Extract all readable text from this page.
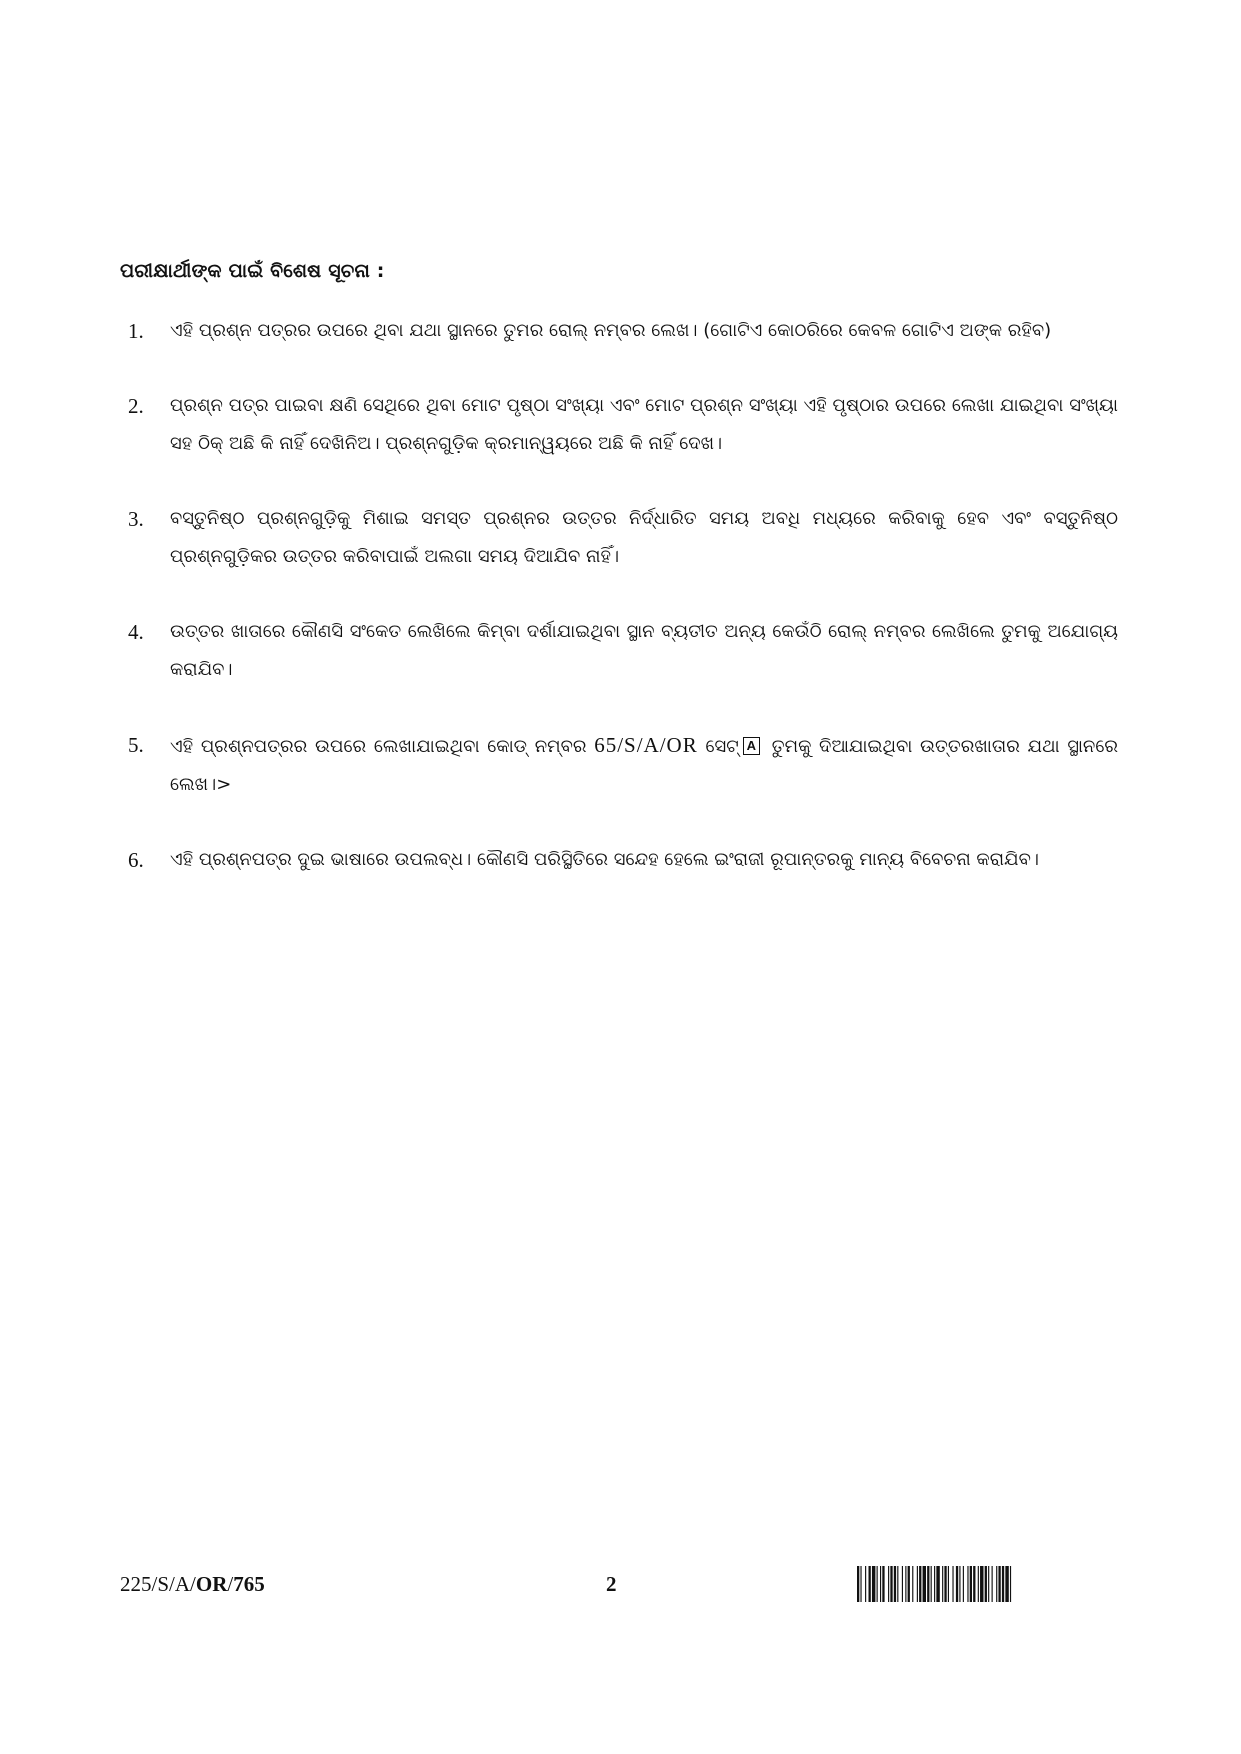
ପରୀକ୍ଷାର୍ଥୀଙ୍କ ପାଇଁ ବିଶେଷ ସୂଚନା :
1.	ଏହି ପ୍ରଶ୍ନ ପତ୍ରର ଉପରେ ଥିବା ଯଥା ସ୍ଥାନରେ ତୁମର ରୋଲ୍ ନମ୍ବର ଲେଖ। (ଗୋଟିଏ କୋଠରିରେ କେବଳ ଗୋଟିଏ ଅଙ୍କ ରହିବ)
2.	ପ୍ରଶ୍ନ ପତ୍ର ପାଇବା କ୍ଷଣି ସେଥିରେ ଥିବା ମୋଟ ପୃଷ୍ଠା ସଂଖ୍ୟା ଏବଂ ମୋଟ ପ୍ରଶ୍ନ ସଂଖ୍ୟା ଏହି ପୃଷ୍ଠାର ଉପରେ ଲେଖା ଯାଇଥିବା ସଂଖ୍ୟା ସହ ଠିକ୍ ଅଛି କି ନାହିଁ ଦେଖିନିଅ। ପ୍ରଶ୍ନଗୁଡ଼ିକ କ୍ରମାନ୍ୱୟରେ ଅଛି କି ନାହିଁ ଦେଖ।
3.	ବସ୍ତୁନିଷ୍ଠ ପ୍ରଶ୍ନଗୁଡ଼ିକୁ ମିଶାଇ ସମସ୍ତ ପ୍ରଶ୍ନର ଉତ୍ତର ନିର୍ଦ୍ଧାରିତ ସମୟ ଅବଧି ମଧ୍ୟରେ କରିବାକୁ ହେବ ଏବଂ ବସ୍ତୁନିଷ୍ଠ ପ୍ରଶ୍ନଗୁଡ଼ିକର ଉତ୍ତର କରିବାପାଇଁ ଅଲଗା ସମୟ ଦିଆଯିବ ନାହିଁ।
4.	ଉତ୍ତର ଖାତାରେ କୌଣସି ସଂକେତ ଲେଖିଲେ କିମ୍ବା ଦର୍ଶାଯାଇଥିବା ସ୍ଥାନ ବ୍ୟତୀତ ଅନ୍ୟ କେଉଁଠି ରୋଲ୍ ନମ୍ବର ଲେଖିଲେ ତୁମକୁ ଅଯୋଗ୍ୟ କରାଯିବ।
5.	ଏହି ପ୍ରଶ୍ନପତ୍ରର ଉପରେ ଲେଖାଯାଇଥିବା କୋଡ୍ ନମ୍ବର 65/S/A/OR ସେଟ୍ A ତୁମକୁ ଦିଆଯାଇଥିବା ଉତ୍ତରଖାତାର ଯଥା ସ୍ଥାନରେ ଲେଖ।>
6.	ଏହି ପ୍ରଶ୍ନପତ୍ର ଦୁଇ ଭାଷାରେ ଉପଲବ୍ଧ। କୌଣସି ପରିସ୍ଥିତିରେ ସନ୍ଦେହ ହେଲେ ଇଂରାଜୀ ରୂପାନ୍ତରକୁ ମାନ୍ୟ ବିବେଚନା କରାଯିବ।
225/S/A/OR/765	2
